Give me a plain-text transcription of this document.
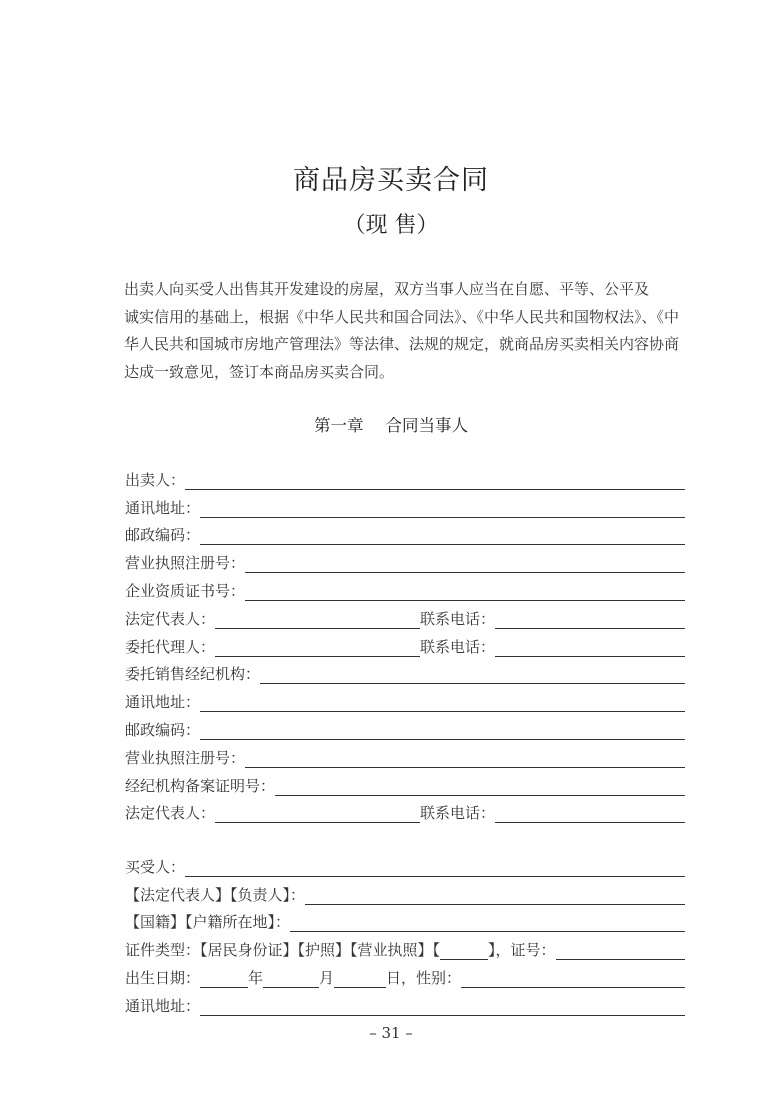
商品房买卖合同
（现 售）
出卖人向买受人出售其开发建设的房屋，双方当事人应当在自愿、平等、公平及
诚实信用的基础上，根据《中华人民共和国合同法》、《中华人民共和国物权法》、《中
华人民共和国城市房地产管理法》等法律、法规的规定，就商品房买卖相关内容协商
达成一致意见，签订本商品房买卖合同。
第一章 合同当事人
出卖人：
通讯地址：
邮政编码：
营业执照注册号：
企业资质证书号：
法定代表人：	联系电话：
委托代理人：	联系电话：
委托销售经纪机构：
通讯地址：
邮政编码：
营业执照注册号：
经纪机构备案证明号：
法定代表人：	联系电话：
买受人：
【法定代表人】【负责人】：
【国籍】【户籍所在地】：
证件类型：【居民身份证】【护照】【营业执照】【	】，证号：
出生日期：	年	月	日，性别：
通讯地址：
– 31 –
